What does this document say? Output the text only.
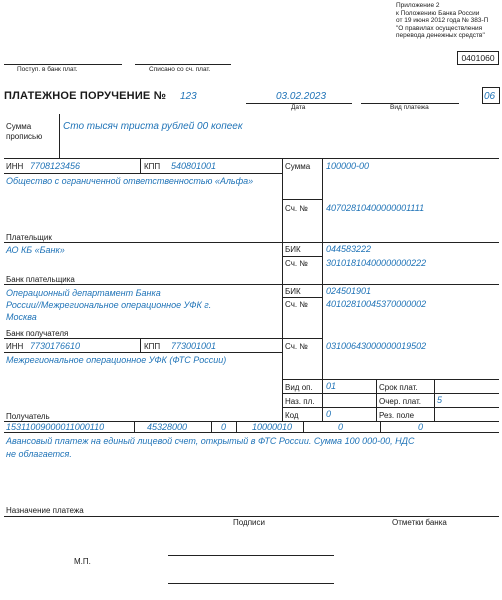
Приложение 2
к Положению Банка России
от 19 июня 2012 года № 383-П
"О правилах осуществления
перевода денежных средств"
0401060
Поступ. в банк плат.	Списано со сч. плат.
ПЛАТЕЖНОЕ ПОРУЧЕНИЕ № 123	03.02.2023
Дата	Вид платежа
06
Сумма
прописью
Сто тысяч триста рублей 00 копеек
ИНН 7708123456	КПП 540801001
Общество с ограниченной ответственностью «Альфа»
Плательщик
Сумма 100000-00
Сч. № 40702810400000001111
АО КБ «Банк»
Банк плательщика
БИК	044583222
Сч. № 30101810400000000222
Операционный департамент Банка
России//Межрегиональное операционное УФК г.
Москва
Банк получателя
БИК	024501901
Сч. № 40102810045370000002
ИНН 7730176610	КПП 773001001
Межрегиональное операционное УФК (ФТС России)
Получатель
Сч. № 03100643000000019502
Вид оп. 01	Срок плат.
Наз. пл.	Очер. плат. 5
Код	0	Рез. поле
15311009000011000110	45328000	0	10000010	0	0
Авансовый платеж на единый лицевой счет, открытый в ФТС России. Сумма 100 000-00, НДС
не облагается.
Назначение платежа
Подписи	Отметки банка
М.П.
